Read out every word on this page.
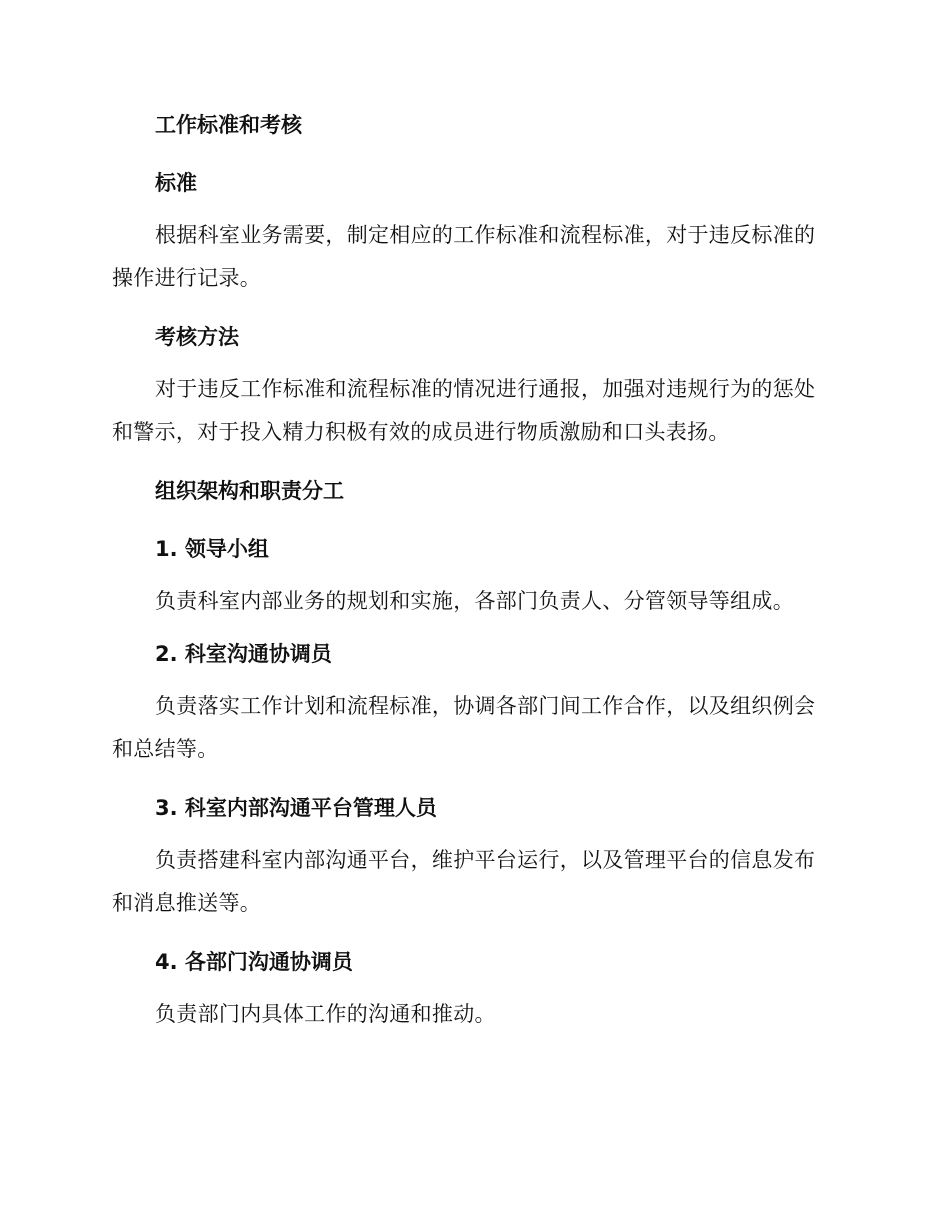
工作标准和考核
标准
根据科室业务需要，制定相应的工作标准和流程标准，对于违反标准的操作进行记录。
考核方法
对于违反工作标准和流程标准的情况进行通报，加强对违规行为的惩处和警示，对于投入精力积极有效的成员进行物质激励和口头表扬。
组织架构和职责分工
1. 领导小组
负责科室内部业务的规划和实施，各部门负责人、分管领导等组成。
2. 科室沟通协调员
负责落实工作计划和流程标准，协调各部门间工作合作，以及组织例会和总结等。
3. 科室内部沟通平台管理人员
负责搭建科室内部沟通平台，维护平台运行，以及管理平台的信息发布和消息推送等。
4. 各部门沟通协调员
负责部门内具体工作的沟通和推动。
